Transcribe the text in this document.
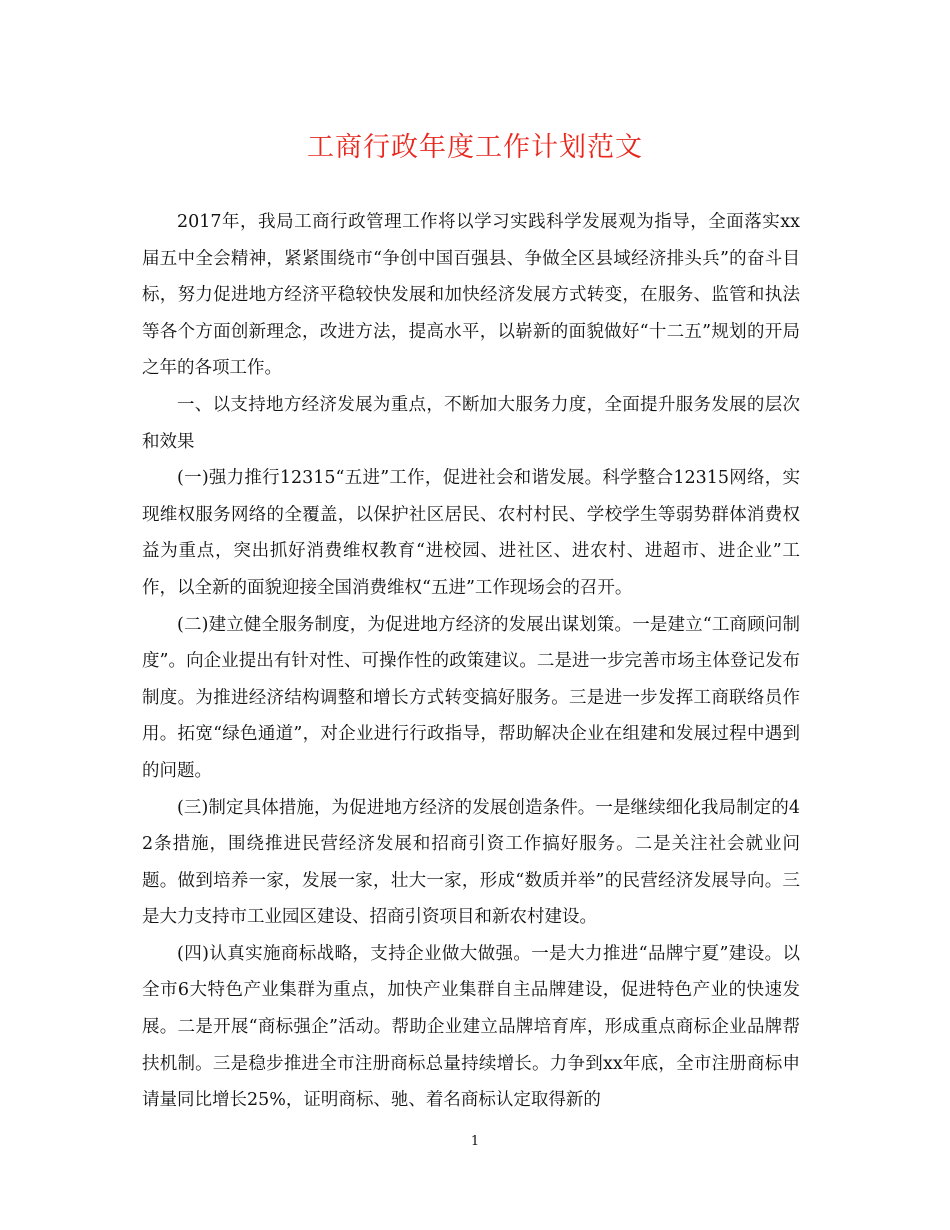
工商行政年度工作计划范文

2017年，我局工商行政管理工作将以学习实践科学发展观为指导，全面落实xx届五中全会精神，紧紧围绕市“争创中国百强县、争做全区县域经济排头兵”的奋斗目标，努力促进地方经济平稳较快发展和加快经济发展方式转变，在服务、监管和执法等各个方面创新理念，改进方法，提高水平，以崭新的面貌做好“十二五”规划的开局之年的各项工作。

一、以支持地方经济发展为重点，不断加大服务力度，全面提升服务发展的层次和效果

(一)强力推行12315“五进”工作，促进社会和谐发展。科学整合12315网络，实现维权服务网络的全覆盖，以保护社区居民、农村村民、学校学生等弱势群体消费权益为重点，突出抓好消费维权教育“进校园、进社区、进农村、进超市、进企业”工作，以全新的面貌迎接全国消费维权“五进”工作现场会的召开。

(二)建立健全服务制度，为促进地方经济的发展出谋划策。一是建立“工商顾问制度”。向企业提出有针对性、可操作性的政策建议。二是进一步完善市场主体登记发布制度。为推进经济结构调整和增长方式转变搞好服务。三是进一步发挥工商联络员作用。拓宽“绿色通道”，对企业进行行政指导，帮助解决企业在组建和发展过程中遇到的问题。

(三)制定具体措施，为促进地方经济的发展创造条件。一是继续细化我局制定的42条措施，围绕推进民营经济发展和招商引资工作搞好服务。二是关注社会就业问题。做到培养一家，发展一家，壮大一家，形成“数质并举”的民营经济发展导向。三是大力支持市工业园区建设、招商引资项目和新农村建设。

(四)认真实施商标战略，支持企业做大做强。一是大力推进“品牌宁夏”建设。以全市6大特色产业集群为重点，加快产业集群自主品牌建设，促进特色产业的快速发展。二是开展“商标强企”活动。帮助企业建立品牌培育库，形成重点商标企业品牌帮扶机制。三是稳步推进全市注册商标总量持续增长。力争到xx年底，全市注册商标申请量同比增长25%，证明商标、驰、着名商标认定取得新的

1
